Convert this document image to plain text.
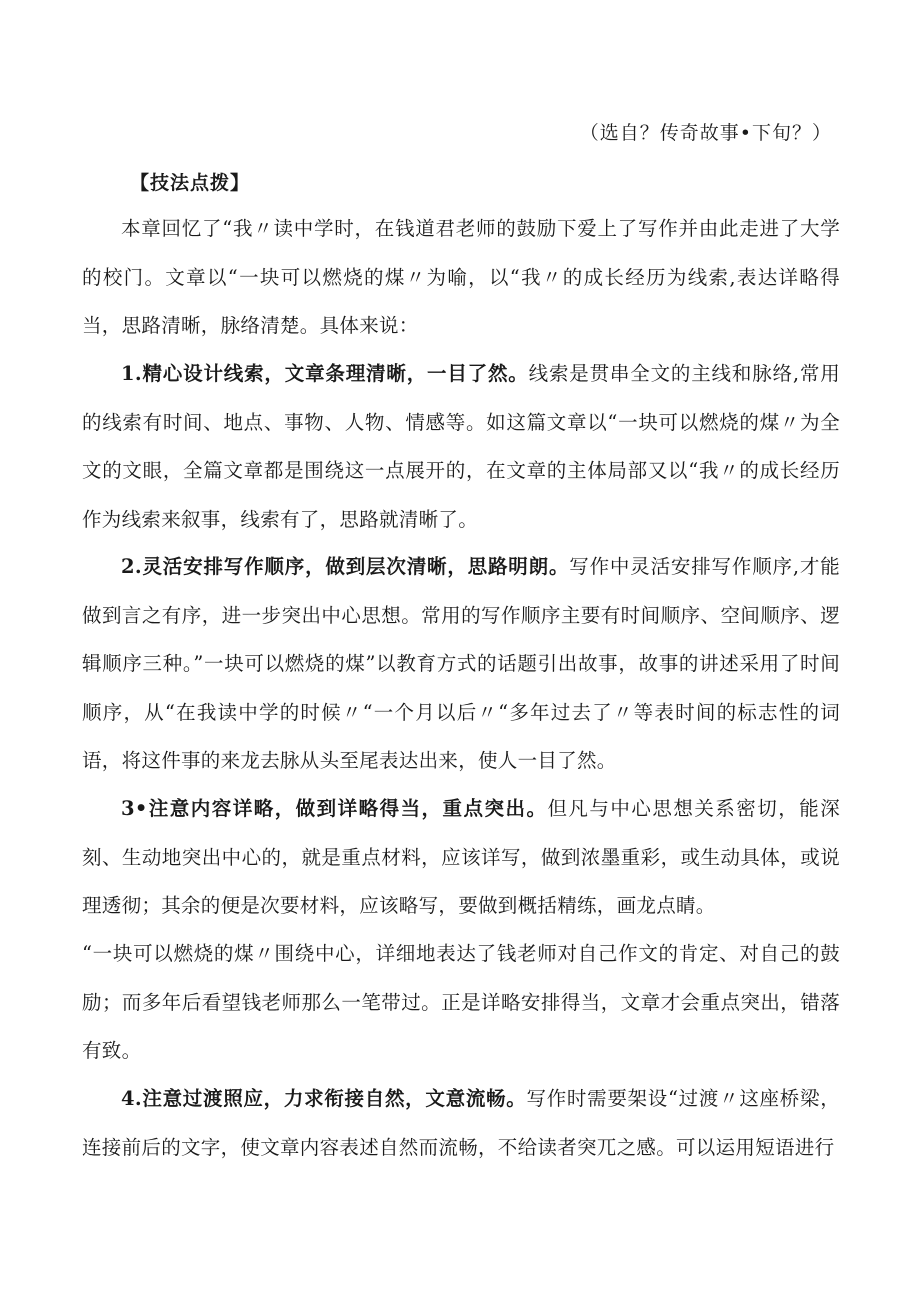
（选自？传奇故事•下旬？）
【技法点拨】

本章回忆了“我〃读中学时，在钱道君老师的鼓励下爱上了写作并由此走进了大学的校门。文章以“一块可以燃烧的煤〃为喻，以“我〃的成长经历为线索,表达详略得当，思路清晰，脉络清楚。具体来说：

1.精心设计线索，文章条理清晰，一目了然。线索是贯串全文的主线和脉络,常用的线索有时间、地点、事物、人物、情感等。如这篇文章以“一块可以燃烧的煤〃为全文的文眼，全篇文章都是围绕这一点展开的，在文章的主体局部又以“我〃的成长经历作为线索来叙事，线索有了，思路就清晰了。

2.灵活安排写作顺序，做到层次清晰，思路明朗。写作中灵活安排写作顺序,才能做到言之有序，进一步突出中心思想。常用的写作顺序主要有时间顺序、空间顺序、逻辑顺序三种。”一块可以燃烧的煤”以教育方式的话题引出故事，故事的讲述采用了时间顺序，从“在我读中学的时候〃“一个月以后〃“多年过去了〃等表时间的标志性的词语，将这件事的来龙去脉从头至尾表达出来，使人一目了然。

3•注意内容详略，做到详略得当，重点突出。但凡与中心思想关系密切，能深刻、生动地突出中心的，就是重点材料，应该详写，做到浓墨重彩，或生动具体，或说理透彻；其余的便是次要材料，应该略写，要做到概括精练，画龙点睛。

“一块可以燃烧的煤〃围绕中心，详细地表达了钱老师对自己作文的肯定、对自己的鼓励；而多年后看望钱老师那么一笔带过。正是详略安排得当，文章才会重点突出，错落有致。

4.注意过渡照应，力求衔接自然，文意流畅。写作时需要架设“过渡〃这座桥梁，连接前后的文字，使文章内容表述自然而流畅，不给读者突兀之感。可以运用短语进行
